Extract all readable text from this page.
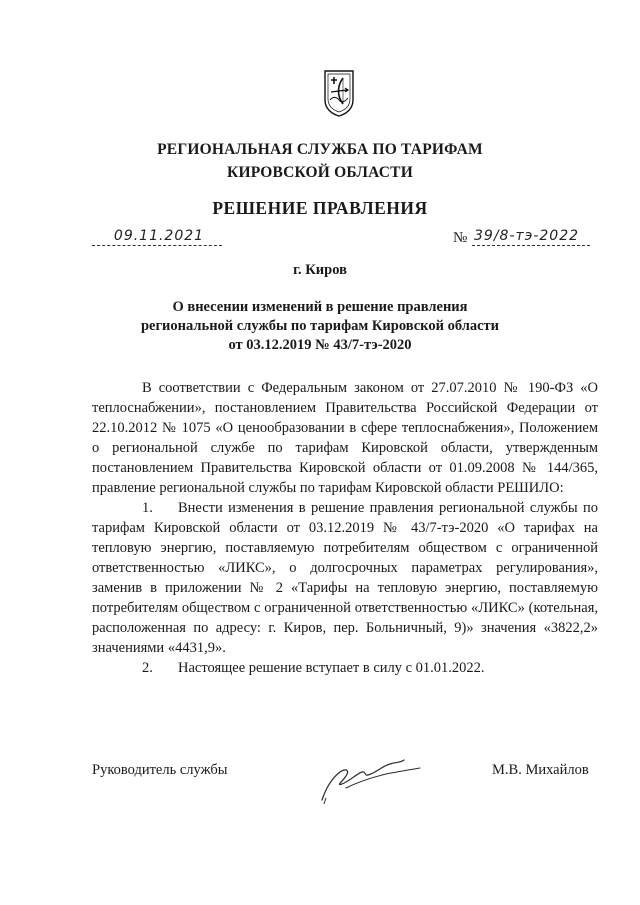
РЕГИОНАЛЬНАЯ СЛУЖБА ПО ТАРИФАМ
КИРОВСКОЙ ОБЛАСТИ
РЕШЕНИЕ ПРАВЛЕНИЯ
09.11.2021	№ 39/8-тэ-2022
г. Киров
О внесении изменений в решение правления
региональной службы по тарифам Кировской области
от 03.12.2019 № 43/7-тэ-2020

В соответствии с Федеральным законом от 27.07.2010 № 190-ФЗ «О теплоснабжении», постановлением Правительства Российской Федерации от 22.10.2012 № 1075 «О ценообразовании в сфере теплоснабжения», Положением о региональной службе по тарифам Кировской области, утвержденным постановлением Правительства Кировской области от 01.09.2008 № 144/365, правление региональной службы по тарифам Кировской области РЕШИЛО:

1. Внести изменения в решение правления региональной службы по тарифам Кировской области от 03.12.2019 № 43/7-тэ-2020 «О тарифах на тепловую энергию, поставляемую потребителям обществом с ограниченной ответственностью «ЛИКС», о долгосрочных параметрах регулирования», заменив в приложении № 2 «Тарифы на тепловую энергию, поставляемую потребителям обществом с ограниченной ответственностью «ЛИКС» (котельная, расположенная по адресу: г. Киров, пер. Больничный, 9)» значения «3822,2» значениями «4431,9».

2. Настоящее решение вступает в силу с 01.01.2022.

Руководитель службы	М.В. Михайлов
